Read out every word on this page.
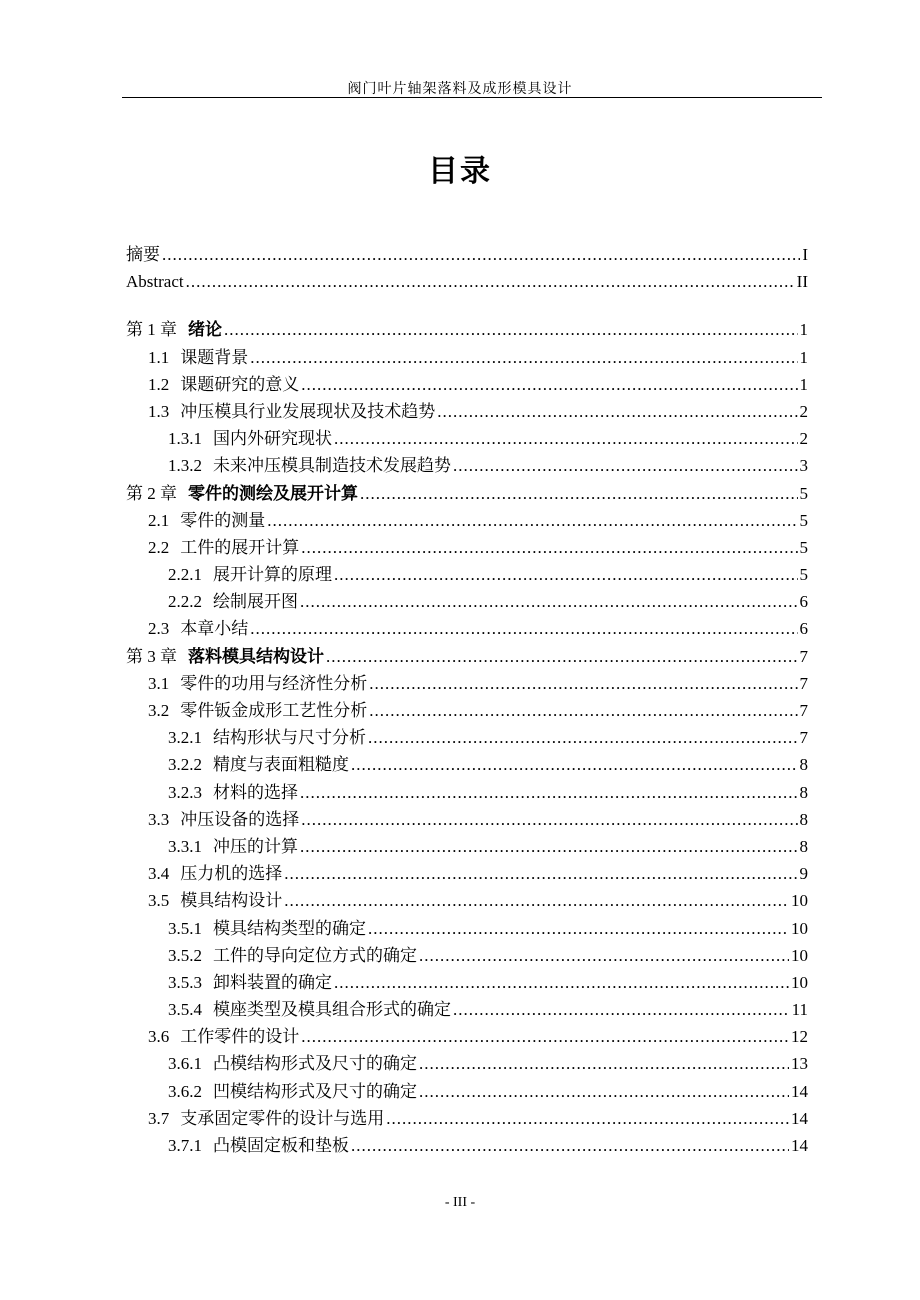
阀门叶片轴架落料及成形模具设计
目录
摘要 .....	I
Abstract .....	II
第 1 章 绪论 .....	1
1.1 课题背景 .....	1
1.2 课题研究的意义 .....	1
1.3 冲压模具行业发展现状及技术趋势 .....	2
1.3.1 国内外研究现状 .....	2
1.3.2 未来冲压模具制造技术发展趋势 .....	3
第 2 章 零件的测绘及展开计算 .....	5
2.1 零件的测量 .....	5
2.2 工件的展开计算 .....	5
2.2.1 展开计算的原理 .....	5
2.2.2 绘制展开图 .....	6
2.3 本章小结 .....	6
第 3 章 落料模具结构设计 .....	7
3.1 零件的功用与经济性分析 .....	7
3.2 零件钣金成形工艺性分析 .....	7
3.2.1 结构形状与尺寸分析 .....	7
3.2.2 精度与表面粗糙度 .....	8
3.2.3 材料的选择 .....	8
3.3 冲压设备的选择 .....	8
3.3.1 冲压的计算 .....	8
3.4 压力机的选择 .....	9
3.5 模具结构设计 .....	10
3.5.1 模具结构类型的确定 .....	10
3.5.2 工件的导向定位方式的确定 .....	10
3.5.3 卸料装置的确定 .....	10
3.5.4 模座类型及模具组合形式的确定 .....	11
3.6 工作零件的设计 .....	12
3.6.1 凸模结构形式及尺寸的确定 .....	13
3.6.2 凹模结构形式及尺寸的确定 .....	14
3.7 支承固定零件的设计与选用 .....	14
3.7.1 凸模固定板和垫板 .....	14
- III -
